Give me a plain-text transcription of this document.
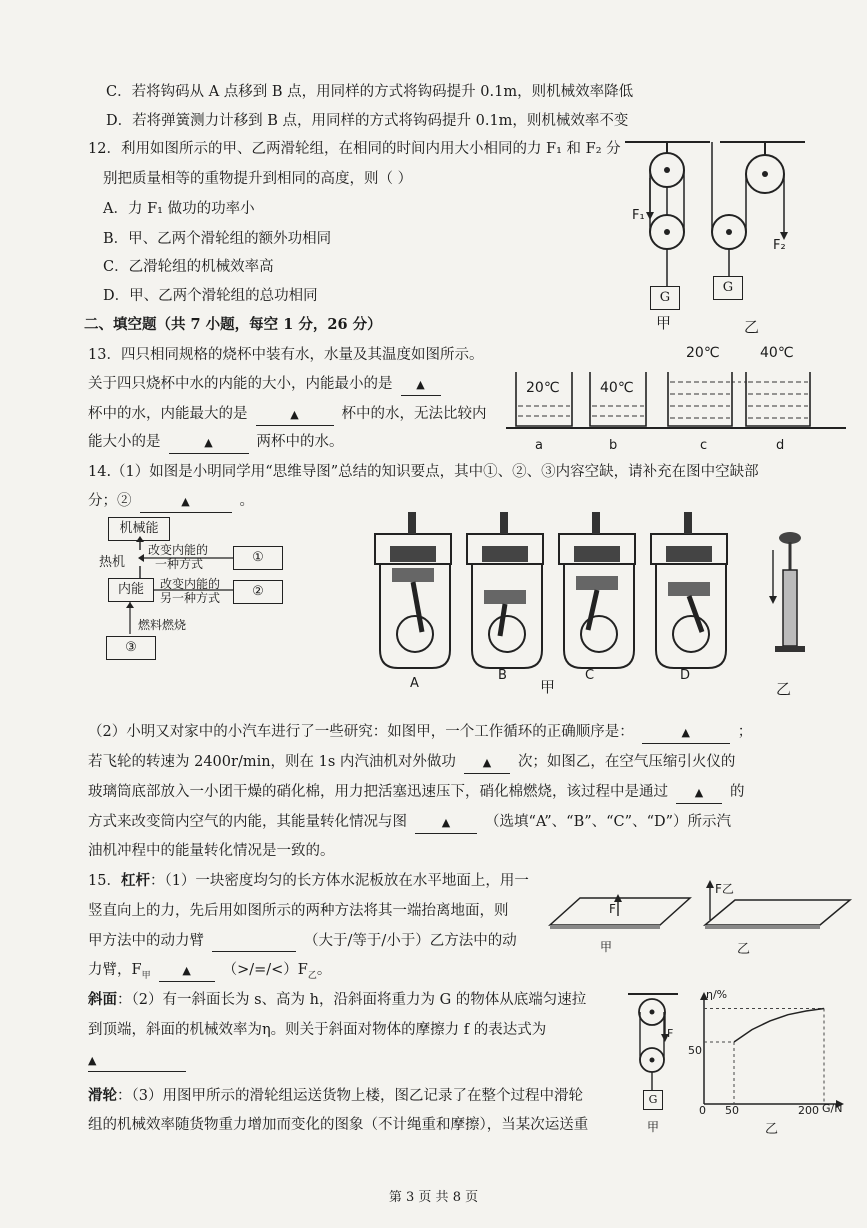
C．若将钩码从 A 点移到 B 点，用同样的方式将钩码提升 0.1m，则机械效率降低
D．若将弹簧测力计移到 B 点，用同样的方式将钩码提升 0.1m，则机械效率不变
12．利用如图所示的甲、乙两滑轮组，在相同的时间内用大小相同的力 F₁ 和 F₂ 分
别把质量相等的重物提升到相同的高度，则（ ）
A．力 F₁ 做功的功率小
B．甲、乙两个滑轮组的额外功相同
C．乙滑轮组的机械效率高
D．甲、乙两个滑轮组的总功相同	G
G
F₁
F₂
甲	乙
二、填空题（共 7 小题，每空 1 分，26 分）
13．四只相同规格的烧杯中装有水，水量及其温度如图所示。
关于四只烧杯中水的内能的大小，内能最小的是 ▲
杯中的水，内能最大的是	▲	杯中的水，无法比较内
能大小的是	▲	两杯中的水。
20℃	40℃
20℃	40℃
a	b	c	d
14.（1）如图是小明同学用“思维导图”总结的知识要点，其中①、②、③内容空缺，请补充在图中空缺部
分；②	▲	。
机械能
内能
①
②
③
热机
改变内能的
一种方式
改变内能的
另一种方式
燃料燃烧
A
B	C	D
甲	乙
（2）小明又对家中的小汽车进行了一些研究：如图甲，一个工作循环的正确顺序是：	▲	；
若飞轮的转速为 2400r/min，则在 1s 内汽油机对外做功 ▲ 次；如图乙，在空气压缩引火仪的
玻璃筒底部放入一小团干燥的硝化棉，用力把活塞迅速压下，硝化棉燃烧，该过程中是通过 ▲ 的
方式来改变筒内空气的内能，其能量转化情况与图	▲ （选填“A”、“B”、“C”、“D”）所示汽
油机冲程中的能量转化情况是一致的。
15．杠杆：（1）一块密度均匀的长方体水泥板放在水平地面上，用一
竖直向上的力，先后用如图所示的两种方法将其一端抬离地面，则
甲方法中的动力臂	（大于/等于/小于）乙方法中的动
力臂，$F_甲$	▲ $(>/=/<)F_乙$。
F
F乙
甲	乙
斜面：（2）有一斜面长为 s、高为 h，沿斜面将重力为 G 的物体从底端匀速拉
到顶端，斜面的机械效率为η。则关于斜面对物体的摩擦力 f 的表达式为
▲
滑轮：（3）用图甲所示的滑轮组运送货物上楼，图乙记录了在整个过程中滑轮
组的机械效率随货物重力增加而变化的图象（不计绳重和摩擦），当某次运送重
G
F
甲
η/%
50
0 50	200 G/N
乙
第 3 页 共 8 页
